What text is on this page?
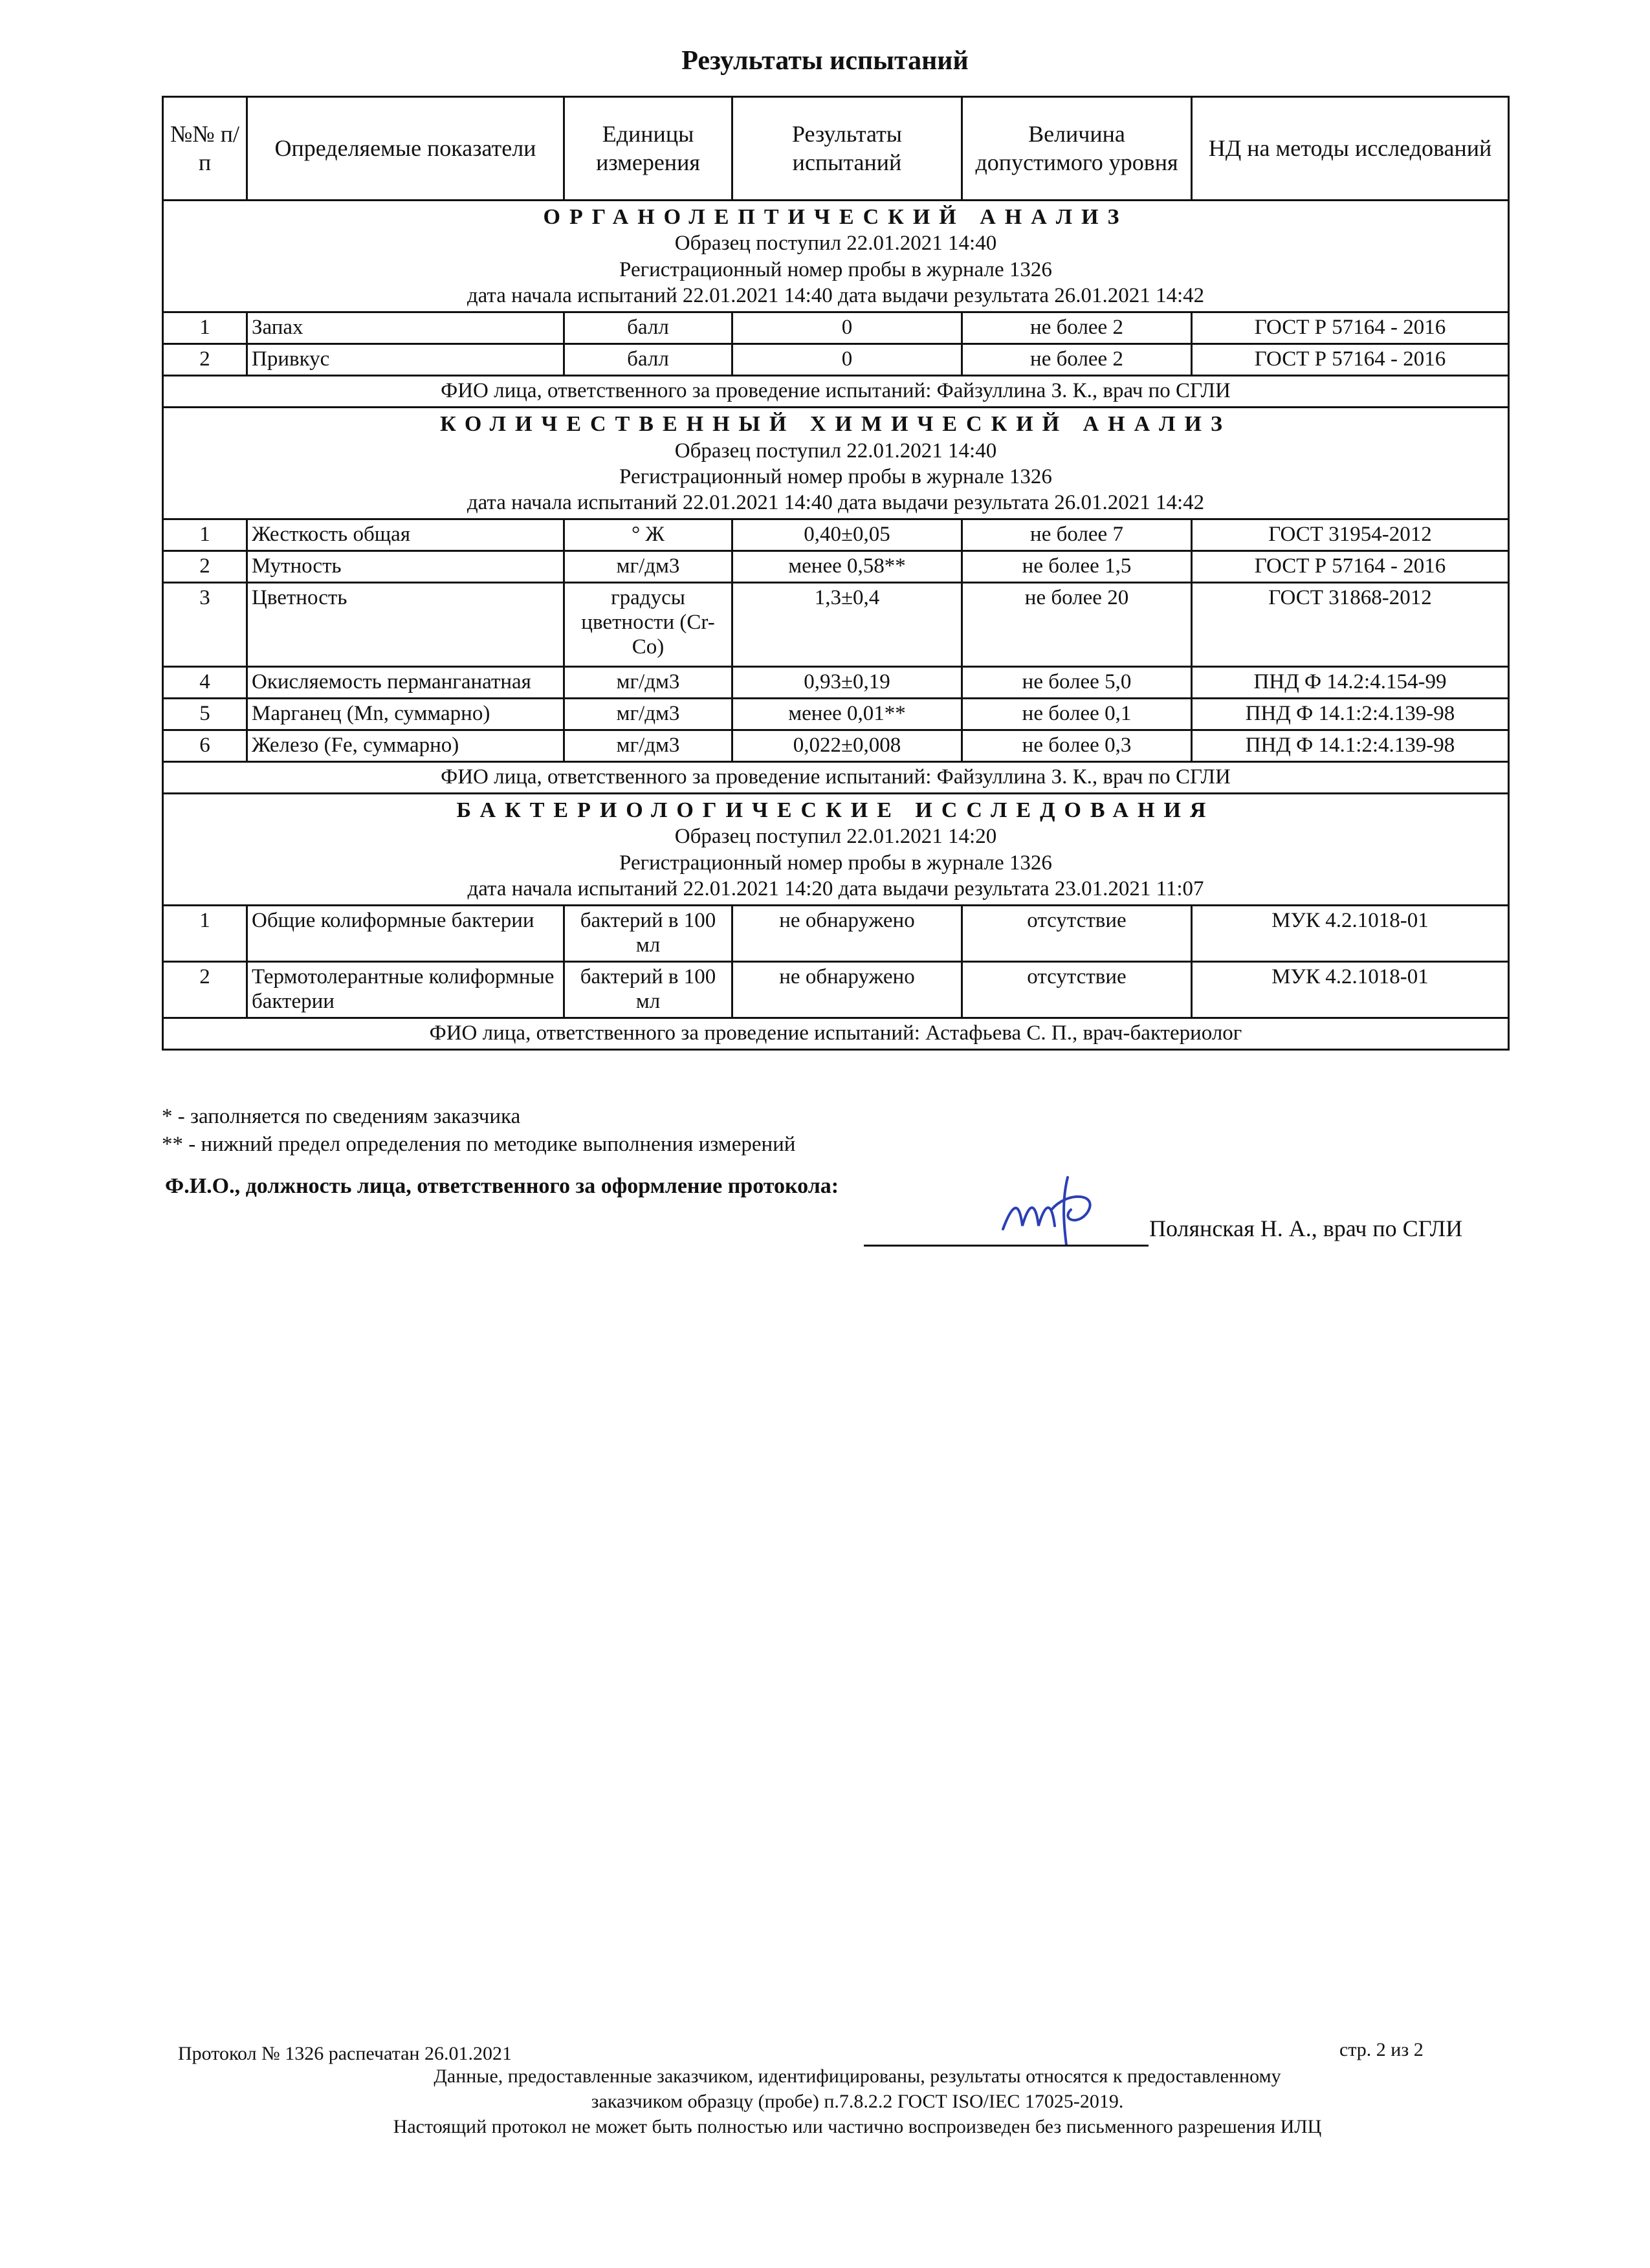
Результаты испытаний
№№ п/п	Определяемые показатели	Единицы измерения	Результаты испытаний	Величина допустимого уровня	НД на методы исследований

ОРГАНОЛЕПТИЧЕСКИЙ АНАЛИЗ
Образец поступил 22.01.2021 14:40
Регистрационный номер пробы в журнале 1326
дата начала испытаний 22.01.2021 14:40 дата выдачи результата 26.01.2021 14:42					

1	Запах	балл	0	не более 2	ГОСТ Р 57164 - 2016
2	Привкус	балл	0	не более 2	ГОСТ Р 57164 - 2016
ФИО лица, ответственного за проведение испытаний: Файзуллина З. К., врач по СГЛИ					

КОЛИЧЕСТВЕННЫЙ ХИМИЧЕСКИЙ АНАЛИЗ
Образец поступил 22.01.2021 14:40
Регистрационный номер пробы в журнале 1326
дата начала испытаний 22.01.2021 14:40 дата выдачи результата 26.01.2021 14:42					

1	Жесткость общая	° Ж	0,40±0,05	не более 7	ГОСТ 31954-2012
2	Мутность	мг/дм3	менее 0,58**	не более 1,5	ГОСТ Р 57164 - 2016
3	Цветность	градусы цветности (Cr-Co)	1,3±0,4	не более 20	ГОСТ 31868-2012
4	Окисляемость перманганатная	мг/дм3	0,93±0,19	не более 5,0	ПНД Ф 14.2:4.154-99
5	Марганец (Mn, суммарно)	мг/дм3	менее 0,01**	не более 0,1	ПНД Ф 14.1:2:4.139-98
6	Железо (Fe, суммарно)	мг/дм3	0,022±0,008	не более 0,3	ПНД Ф 14.1:2:4.139-98
ФИО лица, ответственного за проведение испытаний: Файзуллина З. К., врач по СГЛИ					

БАКТЕРИОЛОГИЧЕСКИЕ ИССЛЕДОВАНИЯ
Образец поступил 22.01.2021 14:20
Регистрационный номер пробы в журнале 1326
дата начала испытаний 22.01.2021 14:20 дата выдачи результата 23.01.2021 11:07					

1	Общие колиформные бактерии	бактерий в 100 мл	не обнаружено	отсутствие	МУК 4.2.1018-01
2	Термотолерантные колиформные бактерии	бактерий в 100 мл	не обнаружено	отсутствие	МУК 4.2.1018-01
ФИО лица, ответственного за проведение испытаний: Астафьева С. П., врач-бактериолог					
* - заполняется по сведениям заказчика
** - нижний предел определения по методике выполнения измерений
Ф.И.О., должность лица, ответственного за оформление протокола:
Полянская Н. А., врач по СГЛИ
Протокол № 1326 распечатан 26.01.2021	стр. 2 из 2
Данные, предоставленные заказчиком, идентифицированы, результаты относятся к предоставленному
заказчиком образцу (пробе) п.7.8.2.2 ГОСТ ISO/IEC 17025-2019.
Настоящий протокол не может быть полностью или частично воспроизведен без письменного разрешения ИЛЦ
